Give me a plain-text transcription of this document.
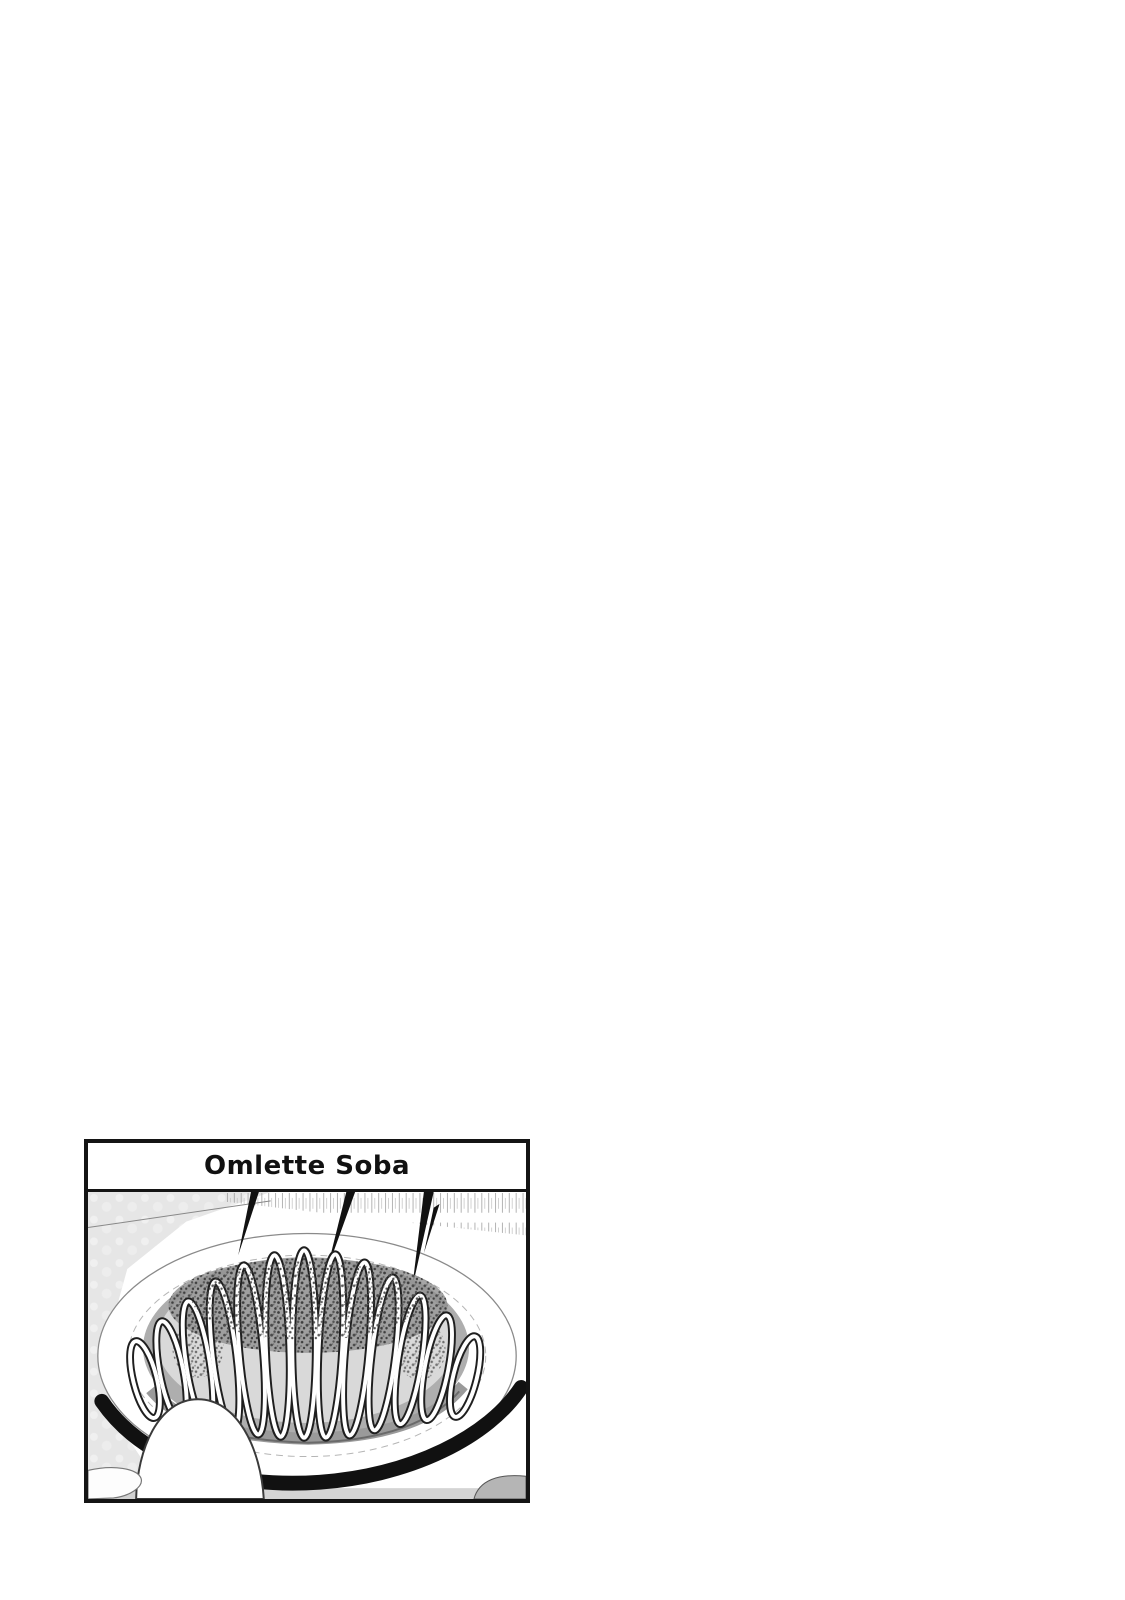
Omlette Soba
